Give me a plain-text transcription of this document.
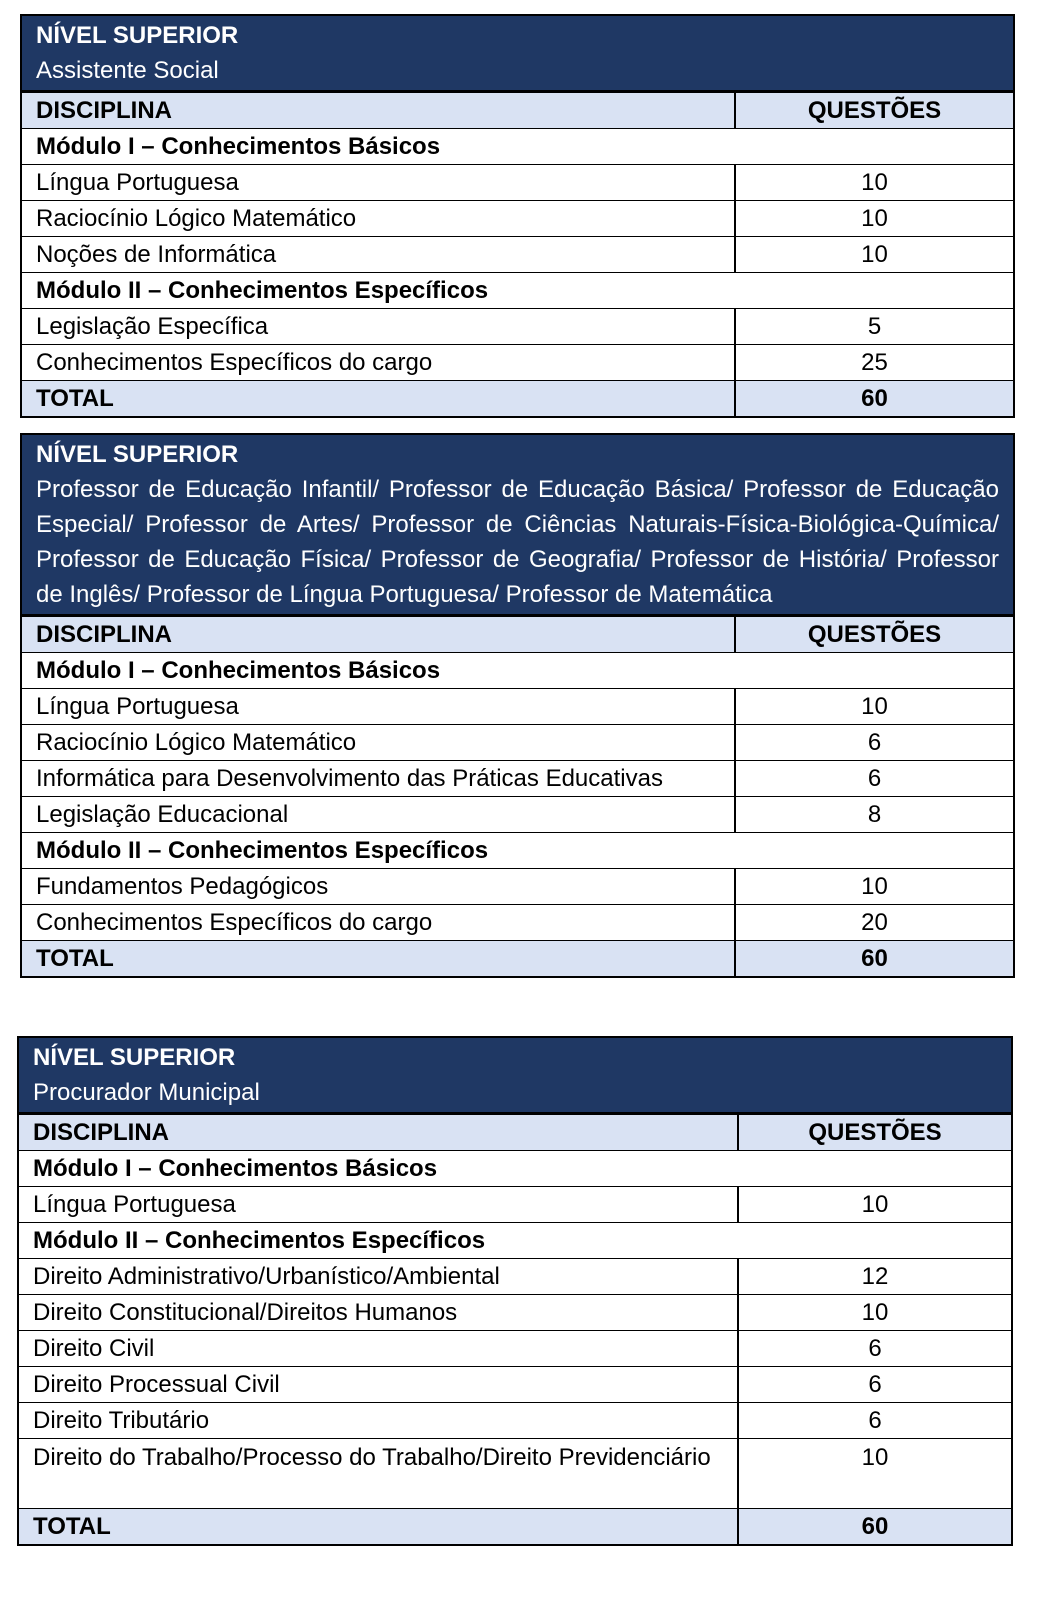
NÍVEL SUPERIOR
Assistente Social
DISCIPLINA	QUESTÕES
Módulo I – Conhecimentos Básicos
Língua Portuguesa	10
Raciocínio Lógico Matemático	10
Noções de Informática	10
Módulo II – Conhecimentos Específicos
Legislação Específica	5
Conhecimentos Específicos do cargo	25
TOTAL	60
NÍVEL SUPERIOR
Professor de Educação Infantil/ Professor de Educação Básica/ Professor de Educação Especial/ Professor de Artes/ Professor de Ciências Naturais-Física-Biológica-Química/ Professor de Educação Física/ Professor de Geografia/ Professor de História/ Professor de Inglês/ Professor de Língua Portuguesa/ Professor de Matemática
DISCIPLINA	QUESTÕES
Módulo I – Conhecimentos Básicos
Língua Portuguesa	10
Raciocínio Lógico Matemático	6
Informática para Desenvolvimento das Práticas Educativas	6
Legislação Educacional	8
Módulo II – Conhecimentos Específicos
Fundamentos Pedagógicos	10
Conhecimentos Específicos do cargo	20
TOTAL	60
NÍVEL SUPERIOR
Procurador Municipal
DISCIPLINA	QUESTÕES
Módulo I – Conhecimentos Básicos
Língua Portuguesa	10
Módulo II – Conhecimentos Específicos
Direito Administrativo/Urbanístico/Ambiental	12
Direito Constitucional/Direitos Humanos	10
Direito Civil	6
Direito Processual Civil	6
Direito Tributário	6
Direito do Trabalho/Processo do Trabalho/Direito Previdenciário	10
TOTAL	60
